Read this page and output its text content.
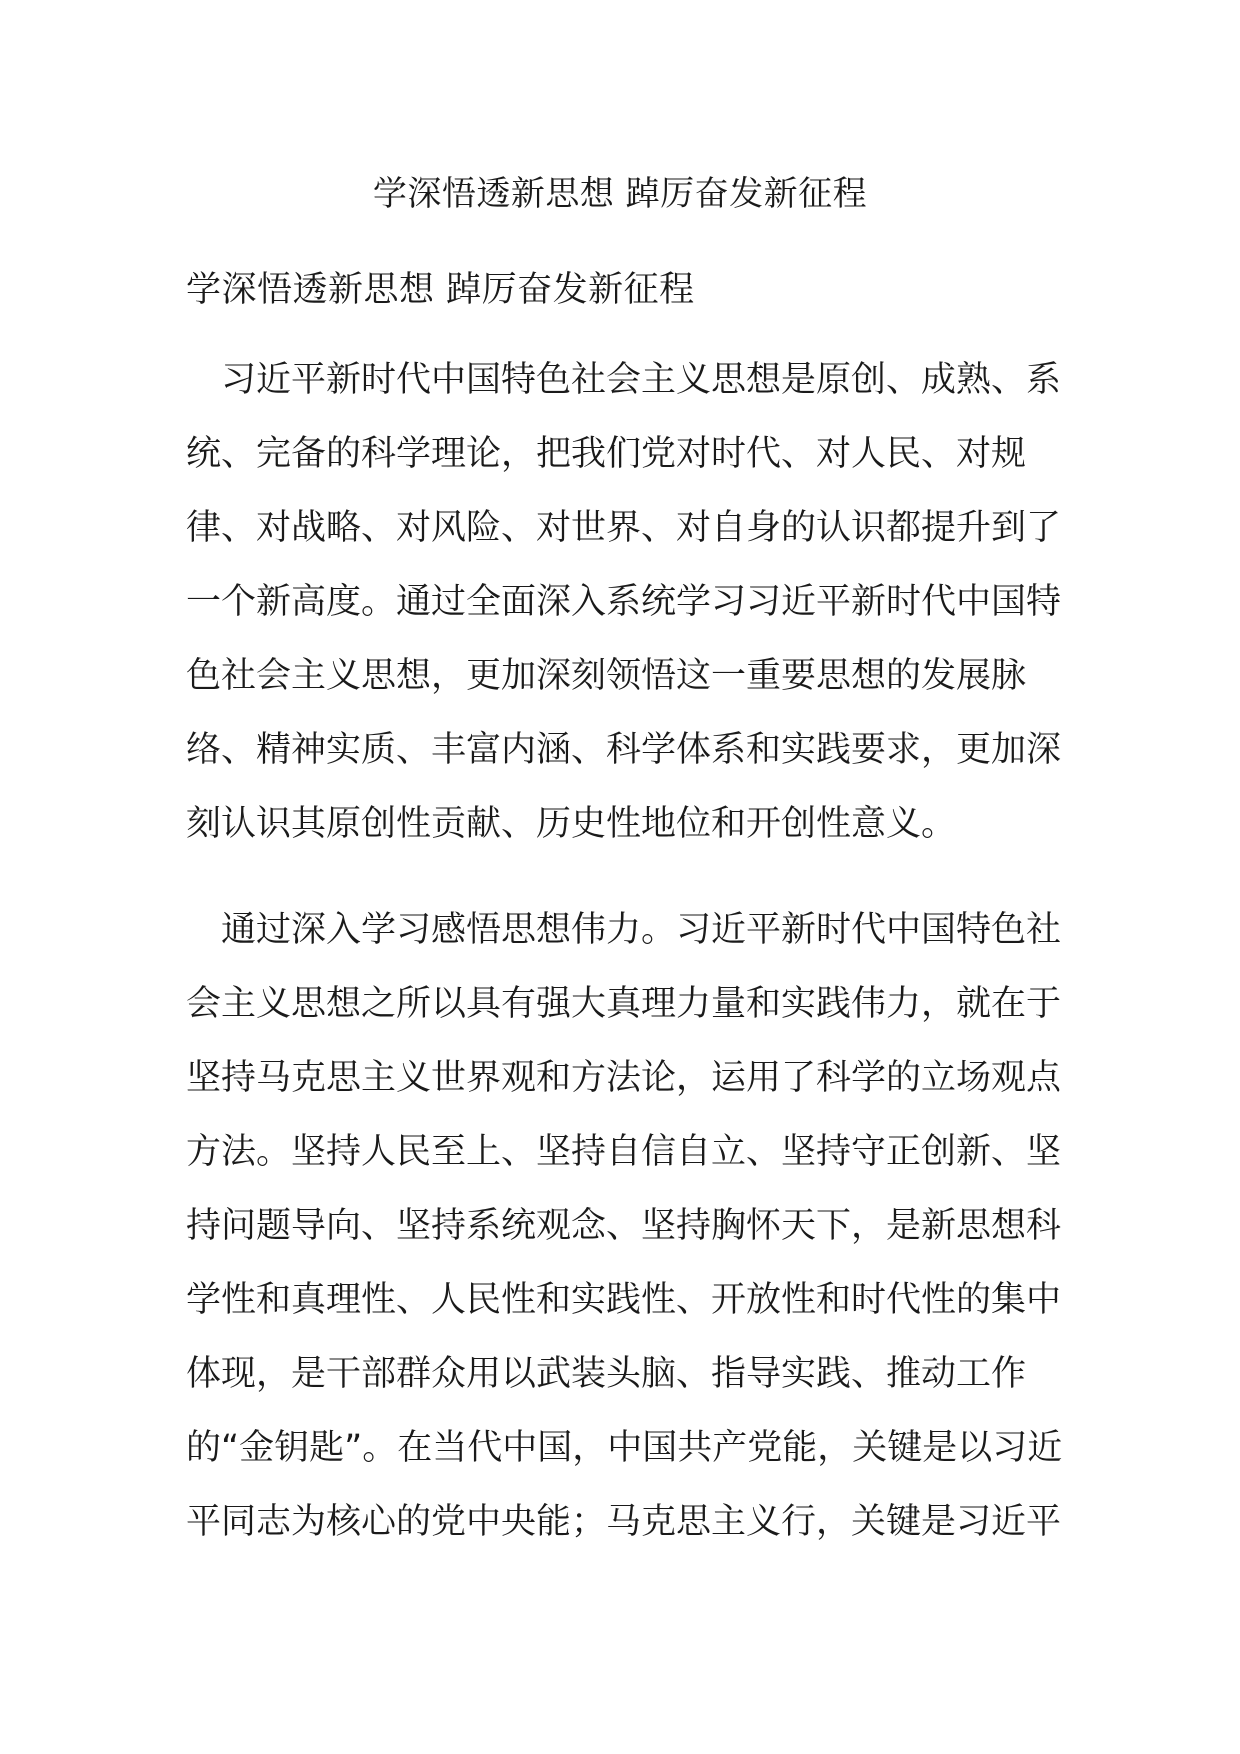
学深悟透新思想 踔厉奋发新征程
学深悟透新思想 踔厉奋发新征程

习近平新时代中国特色社会主义思想是原创、成熟、系统、完备的科学理论，把我们党对时代、对人民、对规律、对战略、对风险、对世界、对自身的认识都提升到了一个新高度。通过全面深入系统学习习近平新时代中国特色社会主义思想，更加深刻领悟这一重要思想的发展脉络、精神实质、丰富内涵、科学体系和实践要求，更加深刻认识其原创性贡献、历史性地位和开创性意义。

通过深入学习感悟思想伟力。习近平新时代中国特色社会主义思想之所以具有强大真理力量和实践伟力，就在于坚持马克思主义世界观和方法论，运用了科学的立场观点方法。坚持人民至上、坚持自信自立、坚持守正创新、坚持问题导向、坚持系统观念、坚持胸怀天下，是新思想科学性和真理性、人民性和实践性、开放性和时代性的集中体现，是干部群众用以武装头脑、指导实践、推动工作的“金钥匙”。在当代中国，中国共产党能，关键是以习近平同志为核心的党中央能；马克思主义行，关键是习近平
